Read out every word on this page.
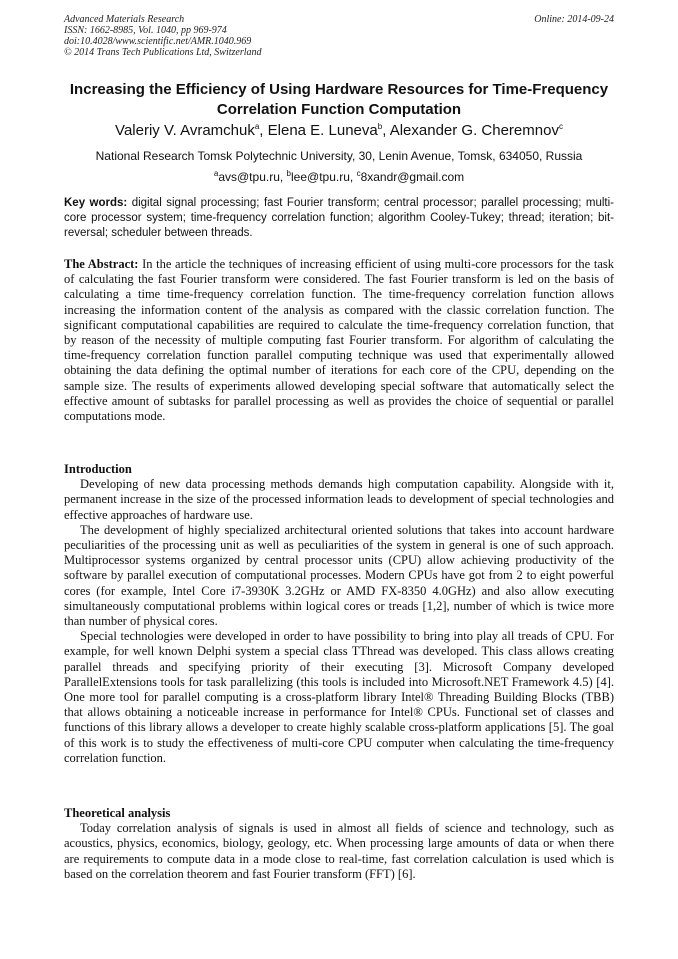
Advanced Materials Research
ISSN: 1662-8985, Vol. 1040, pp 969-974
doi:10.4028/www.scientific.net/AMR.1040.969
© 2014 Trans Tech Publications Ltd, Switzerland
Online: 2014-09-24
Increasing the Efficiency of Using Hardware Resources for Time-Frequency Correlation Function Computation
Valeriy V. Avramchuk$^a$, Elena E. Luneva$^b$, Alexander G. Cheremnov$^c$
National Research Tomsk Polytechnic University, 30, Lenin Avenue, Tomsk, 634050, Russia
$^a$avs@tpu.ru, $^b$lee@tpu.ru, $^c$8xandr@gmail.com
Key words: digital signal processing; fast Fourier transform; central processor; parallel processing; multi-core processor system; time-frequency correlation function; algorithm Cooley-Tukey; thread; iteration; bit-reversal; scheduler between threads.
The Abstract: In the article the techniques of increasing efficient of using multi-core processors for the task of calculating the fast Fourier transform were considered. The fast Fourier transform is led on the basis of calculating a time time-frequency correlation function. The time-frequency correlation function allows increasing the information content of the analysis as compared with the classic correlation function. The significant computational capabilities are required to calculate the time-frequency correlation function, that by reason of the necessity of multiple computing fast Fourier transform. For algorithm of calculating the time-frequency correlation function parallel computing technique was used that experimentally allowed obtaining the data defining the optimal number of iterations for each core of the CPU, depending on the sample size. The results of experiments allowed developing special software that automatically select the effective amount of subtasks for parallel processing as well as provides the choice of sequential or parallel computations mode.
Introduction

Developing of new data processing methods demands high computation capability. Alongside with it, permanent increase in the size of the processed information leads to development of special technologies and effective approaches of hardware use.

The development of highly specialized architectural oriented solutions that takes into account hardware peculiarities of the processing unit as well as peculiarities of the system in general is one of such approach. Multiprocessor systems organized by central processor units (CPU) allow achieving productivity of the software by parallel execution of computational processes. Modern CPUs have got from 2 to eight powerful cores (for example, Intel Core i7-3930K 3.2GHz or AMD FX-8350 4.0GHz) and also allow executing simultaneously computational problems within logical cores or treads [1,2], number of which is twice more than number of physical cores.

Special technologies were developed in order to have possibility to bring into play all treads of CPU. For example, for well known Delphi system a special class TThread was developed. This class allows creating parallel threads and specifying priority of their executing [3]. Microsoft Company developed ParallelExtensions tools for task parallelizing (this tools is included into Microsoft.NET Framework 4.5) [4]. One more tool for parallel computing is a cross-platform library Intel® Threading Building Blocks (TBB) that allows obtaining a noticeable increase in performance for Intel® CPUs. Functional set of classes and functions of this library allows a developer to create highly scalable cross-platform applications [5]. The goal of this work is to study the effectiveness of multi-core CPU computer when calculating the time-frequency correlation function.

Theoretical analysis

Today correlation analysis of signals is used in almost all fields of science and technology, such as acoustics, physics, economics, biology, geology, etc. When processing large amounts of data or when there are requirements to compute data in a mode close to real-time, fast correlation calculation is used which is based on the correlation theorem and fast Fourier transform (FFT) [6].
